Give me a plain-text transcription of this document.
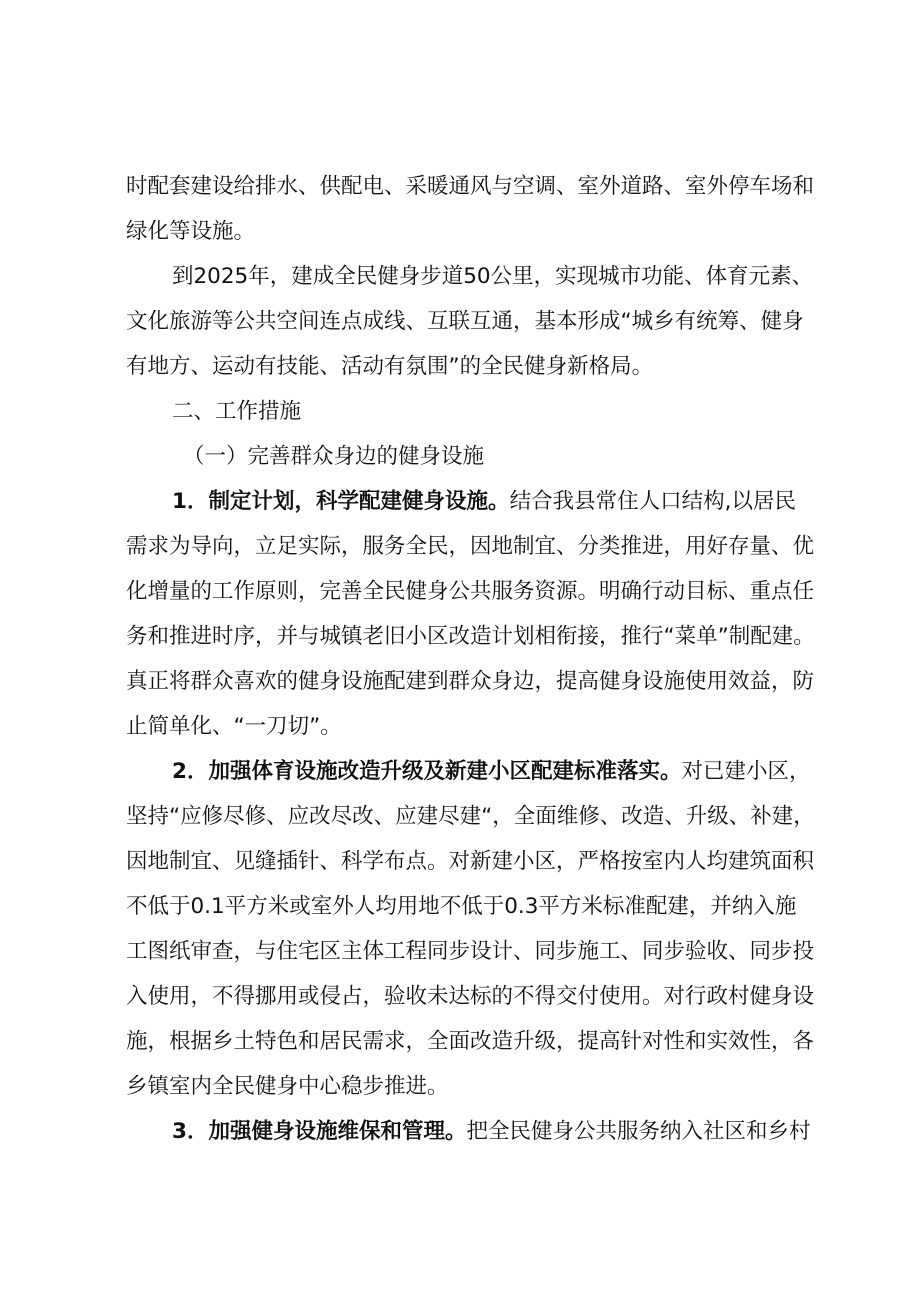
时配套建设给排水、供配电、采暖通风与空调、室外道路、室外停车场和
绿化等设施。
到2025年，建成全民健身步道50公里，实现城市功能、体育元素、
文化旅游等公共空间连点成线、互联互通，基本形成“城乡有统筹、健身
有地方、运动有技能、活动有氛围”的全民健身新格局。
二、工作措施
（一）完善群众身边的健身设施
1．制定计划，科学配建健身设施。结合我县常住人口结构,以居民
需求为导向，立足实际，服务全民，因地制宜、分类推进，用好存量、优
化增量的工作原则，完善全民健身公共服务资源。明确行动目标、重点任
务和推进时序，并与城镇老旧小区改造计划相衔接，推行“菜单”制配建。
真正将群众喜欢的健身设施配建到群众身边，提高健身设施使用效益，防
止简单化、“一刀切”。
2．加强体育设施改造升级及新建小区配建标准落实。对已建小区，
坚持“应修尽修、应改尽改、应建尽建“，全面维修、改造、升级、补建，
因地制宜、见缝插针、科学布点。对新建小区，严格按室内人均建筑面积
不低于0.1平方米或室外人均用地不低于0.3平方米标准配建，并纳入施
工图纸审查，与住宅区主体工程同步设计、同步施工、同步验收、同步投
入使用，不得挪用或侵占，验收未达标的不得交付使用。对行政村健身设
施，根据乡土特色和居民需求，全面改造升级，提高针对性和实效性，各
乡镇室内全民健身中心稳步推进。
3．加强健身设施维保和管理。把全民健身公共服务纳入社区和乡村
